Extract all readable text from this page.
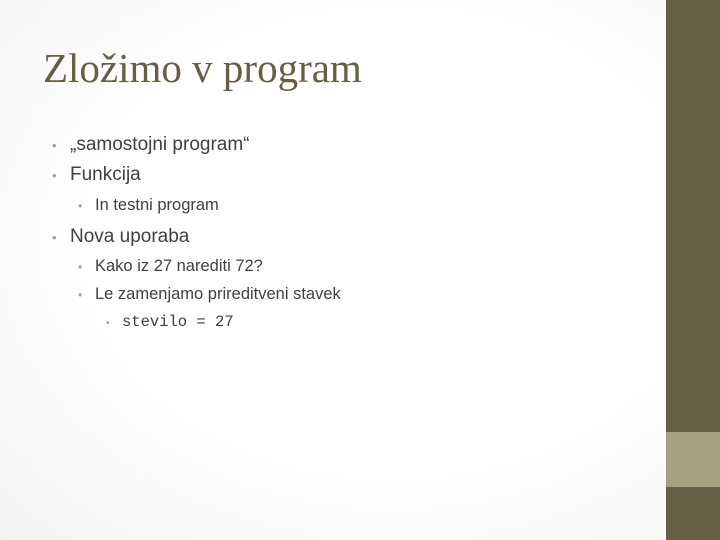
Zložimo v program
• „samostojni program“
• Funkcija
• In testni program
• Nova uporaba
• Kako iz 27 narediti 72?
• Le zamenjamo prireditveni stavek
• stevilo = 27
